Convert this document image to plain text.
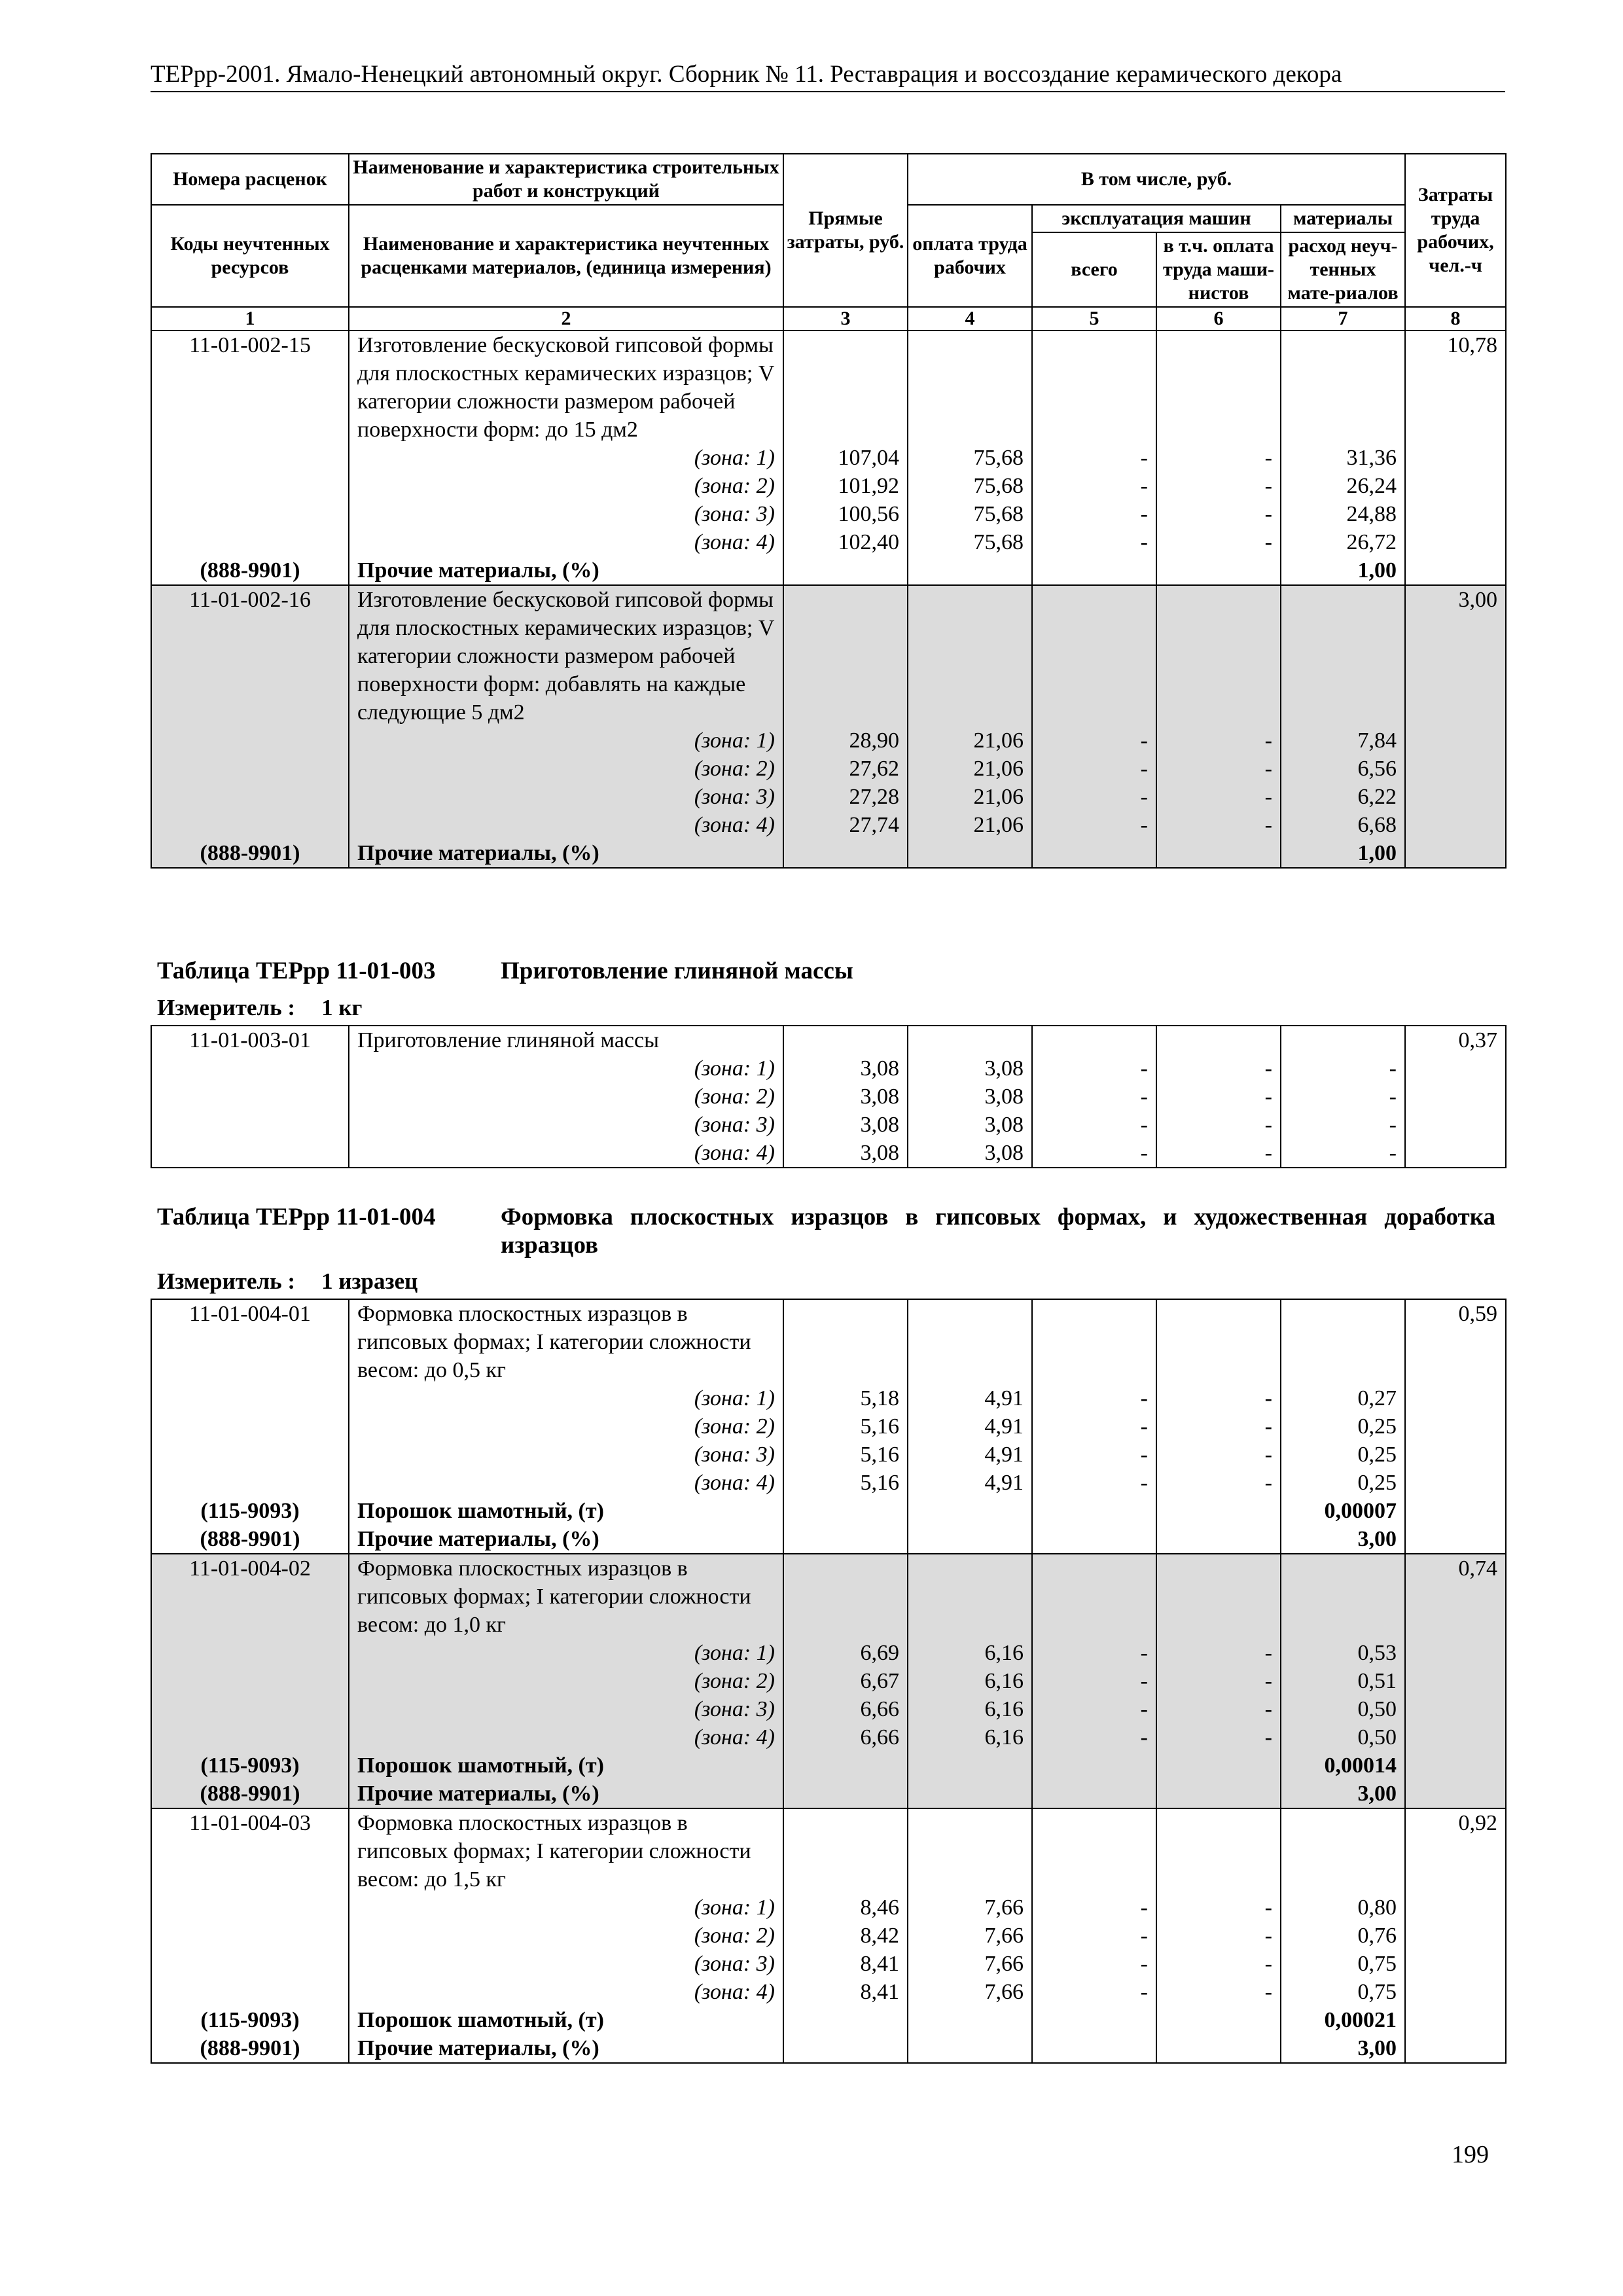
ТЕРрр-2001. Ямало-Ненецкий автономный округ. Сборник № 11. Реставрация и воссоздание керамического декора
Номера расценок	Наименование и характеристика строительных работ и конструкций	Прямые затраты, руб.	В том числе, руб.				Затраты труда рабочих, чел.-ч
Коды неучтенных ресурсов	Наименование и характеристика неучтенных расценками материалов, (единица измерения)		оплата труда рабочих	эксплуатация машин		материалы	
				всего	в т.ч. оплата труда маши-нистов	расход неуч-тенных мате-риалов	
1	2	3	4	5	6	7	8
11-01-002-15	Изготовление бескусковой гипсовой формы для плоскостных керамических изразцов; V категории сложности размером рабочей поверхности форм: до 15 дм2						10,78
	(зона: 1)	107,04	75,68	-	-	31,36	
	(зона: 2)	101,92	75,68	-	-	26,24	
	(зона: 3)	100,56	75,68	-	-	24,88	
	(зона: 4)	102,40	75,68	-	-	26,72	
(888-9901)	Прочие материалы, (%)					1,00	
11-01-002-16	Изготовление бескусковой гипсовой формы для плоскостных керамических изразцов; V категории сложности размером рабочей поверхности форм: добавлять на каждые следующие 5 дм2						3,00
	(зона: 1)	28,90	21,06	-	-	7,84	
	(зона: 2)	27,62	21,06	-	-	6,56	
	(зона: 3)	27,28	21,06	-	-	6,22	
	(зона: 4)	27,74	21,06	-	-	6,68	
(888-9901)	Прочие материалы, (%)					1,00	
Таблица ТЕРрр 11-01-003	Приготовление глиняной массы
Измеритель : 1 кг
11-01-003-01	Приготовление глиняной массы						0,37
	(зона: 1)	3,08	3,08	-	-	-	
	(зона: 2)	3,08	3,08	-	-	-	
	(зона: 3)	3,08	3,08	-	-	-	
	(зона: 4)	3,08	3,08	-	-	-	
Таблица ТЕРрр 11-01-004	Формовка плоскостных изразцов в гипсовых формах, и художественная доработка изразцов
Измеритель : 1 изразец
11-01-004-01	Формовка плоскостных изразцов в гипсовых формах; I категории сложности весом: до 0,5 кг						0,59
	(зона: 1)	5,18	4,91	-	-	0,27	
	(зона: 2)	5,16	4,91	-	-	0,25	
	(зона: 3)	5,16	4,91	-	-	0,25	
	(зона: 4)	5,16	4,91	-	-	0,25	
(115-9093)	Порошок шамотный, (т)					0,00007	
(888-9901)	Прочие материалы, (%)					3,00	
11-01-004-02	Формовка плоскостных изразцов в гипсовых формах; I категории сложности весом: до 1,0 кг						0,74
	(зона: 1)	6,69	6,16	-	-	0,53	
	(зона: 2)	6,67	6,16	-	-	0,51	
	(зона: 3)	6,66	6,16	-	-	0,50	
	(зона: 4)	6,66	6,16	-	-	0,50	
(115-9093)	Порошок шамотный, (т)					0,00014	
(888-9901)	Прочие материалы, (%)					3,00	
11-01-004-03	Формовка плоскостных изразцов в гипсовых формах; I категории сложности весом: до 1,5 кг						0,92
	(зона: 1)	8,46	7,66	-	-	0,80	
	(зона: 2)	8,42	7,66	-	-	0,76	
	(зона: 3)	8,41	7,66	-	-	0,75	
	(зона: 4)	8,41	7,66	-	-	0,75	
(115-9093)	Порошок шамотный, (т)					0,00021	
(888-9901)	Прочие материалы, (%)					3,00	
199
